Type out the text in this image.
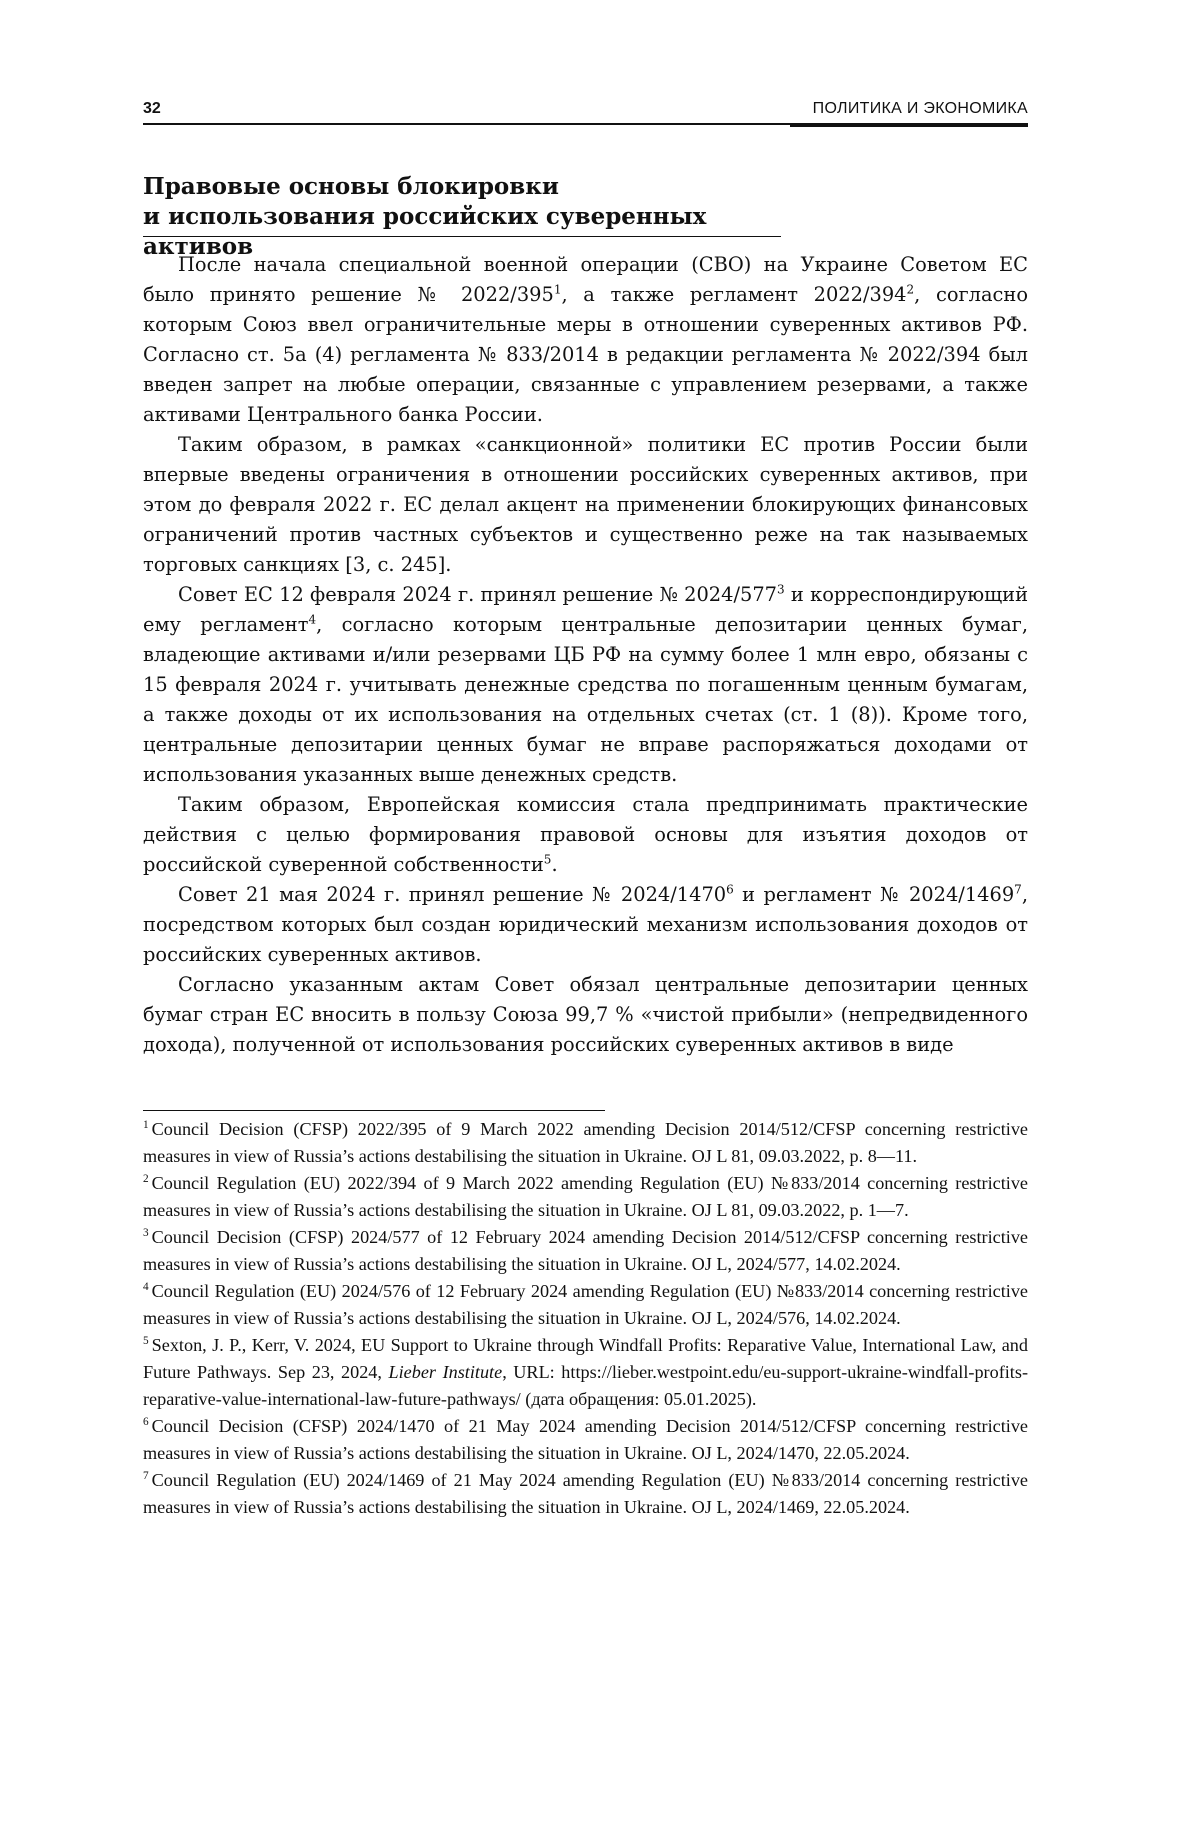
32	ПОЛИТИКА И ЭКОНОМИКА
Правовые основы блокировки
и использования российских суверенных активов

После начала специальной военной операции (СВО) на Украине Советом ЕС было принято решение № $2022/395^1$, а также регламент $2022/394^2$, согласно которым Союз ввел ограничительные меры в отношении суверенных активов РФ. Согласно ст. 5a (4) регламента № 833/2014 в редакции регламента № 2022/394 был введен запрет на любые операции, связанные с управлением резервами, а также активами Центрального банка России.

Таким образом, в рамках «санкционной» политики ЕС против России были впервые введены ограничения в отношении российских суверенных активов, при этом до февраля 2022 г. ЕС делал акцент на применении блокирующих финансовых ограничений против частных субъектов и существенно реже на так называемых торговых санкциях [3, с. 245].

Совет ЕС 12 февраля 2024 г. принял решение № $2024/577^3$ и корреспондирующий ему регламент$^4$, согласно которым центральные депозитарии ценных бумаг, владеющие активами и/или резервами ЦБ РФ на сумму более 1 млн евро, обязаны с 15 февраля 2024 г. учитывать денежные средства по погашенным ценным бумагам, а также доходы от их использования на отдельных счетах (ст. 1 (8)). Кроме того, центральные депозитарии ценных бумаг не вправе распоряжаться доходами от использования указанных выше денежных средств.

Таким образом, Европейская комиссия стала предпринимать практические действия с целью формирования правовой основы для изъятия доходов от российской суверенной собственности$^5$.

Совет 21 мая 2024 г. принял решение № 2024/1470$^6$ и регламент № 2024/1469$^7$, посредством которых был создан юридический механизм использования доходов от российских суверенных активов.

Согласно указанным актам Совет обязал центральные депозитарии ценных бумаг стран ЕС вносить в пользу Союза 99,7 % «чистой прибыли» (непредвиденного дохода), полученной от использования российских суверенных активов в виде

$^1$ Council Decision (CFSP) 2022/395 of 9 March 2022 amending Decision 2014/512/CFSP concerning restrictive measures in view of Russia’s actions destabilising the situation in Ukraine. OJ L 81, 09.03.2022, p. 8—11.

$^2$ Council Regulation (EU) 2022/394 of 9 March 2022 amending Regulation (EU) №833/2014 concerning restrictive measures in view of Russia’s actions destabilising the situation in Ukraine. OJ L 81, 09.03.2022, p. 1—7.

$^3$ Council Decision (CFSP) 2024/577 of 12 February 2024 amending Decision 2014/512/CFSP concerning restrictive measures in view of Russia’s actions destabilising the situation in Ukraine. OJ L, 2024/577, 14.02.2024.

$^4$ Council Regulation (EU) 2024/576 of 12 February 2024 amending Regulation (EU) №833/2014 concerning restrictive measures in view of Russia’s actions destabilising the situation in Ukraine. OJ L, 2024/576, 14.02.2024.

$^5$ Sexton, J. P., Kerr, V. 2024, EU Support to Ukraine through Windfall Profits: Reparative Value, International Law, and Future Pathways. Sep 23, 2024, Lieber Institute, URL: https://lieber.westpoint.edu/eu-support-ukraine-windfall-profits-reparative-value-international-law-future-pathways/ (дата обращения: 05.01.2025).

$^6$ Council Decision (CFSP) 2024/1470 of 21 May 2024 amending Decision 2014/512/CFSP concerning restrictive measures in view of Russia’s actions destabilising the situation in Ukraine. OJ L, 2024/1470, 22.05.2024.

$^7$ Council Regulation (EU) 2024/1469 of 21 May 2024 amending Regulation (EU) №833/2014 concerning restrictive measures in view of Russia’s actions destabilising the situation in Ukraine. OJ L, 2024/1469, 22.05.2024.
